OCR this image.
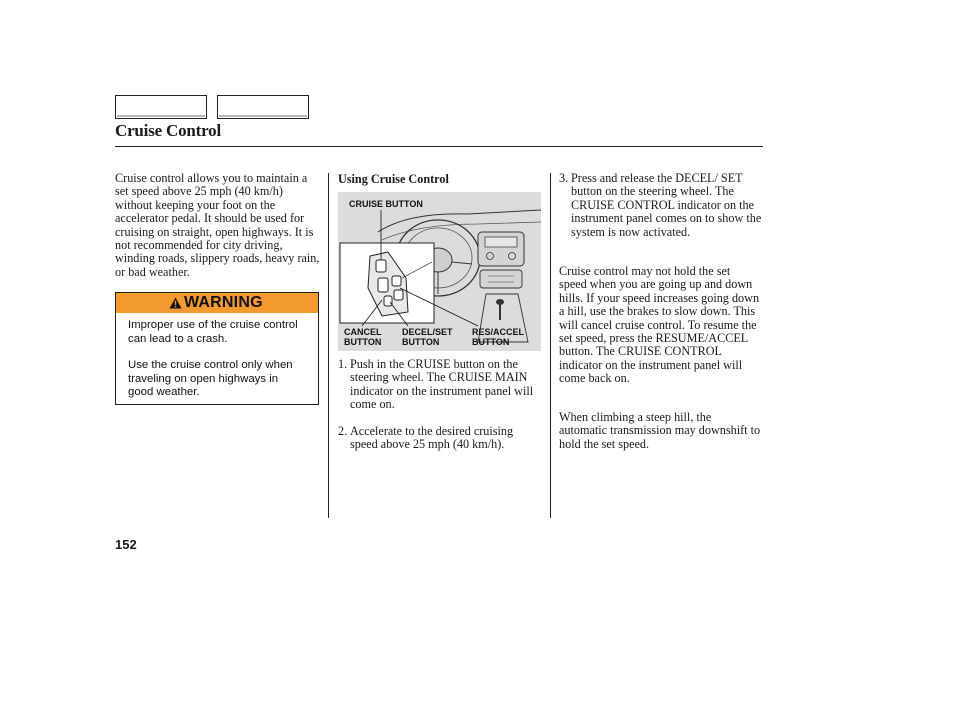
Cruise Control
Cruise control allows you to maintain a set speed above 25 mph (40 km/h) without keeping your foot on the accelerator pedal. It should be used for cruising on straight, open highways. It is not recommended for city driving, winding roads, slippery roads, heavy rain, or bad weather.
WARNING
Improper use of the cruise control can lead to a crash.
Use the cruise control only when traveling on open highways in good weather.
Using Cruise Control
CRUISE BUTTON
CANCEL
BUTTON
DECEL/SET
BUTTON
RES/ACCEL
BUTTON
1. Push in the CRUISE button on the steering wheel. The CRUISE MAIN indicator on the instrument panel will come on.
2. Accelerate to the desired cruising speed above 25 mph (40 km/h).
3. Press and release the DECEL/ SET button on the steering wheel. The CRUISE CONTROL indicator on the instrument panel comes on to show the system is now activated.
Cruise control may not hold the set speed when you are going up and down hills. If your speed increases going down a hill, use the brakes to slow down. This will cancel cruise control. To resume the set speed, press the RESUME/ACCEL button. The CRUISE CONTROL indicator on the instrument panel will come back on.
When climbing a steep hill, the automatic transmission may downshift to hold the set speed.
152
